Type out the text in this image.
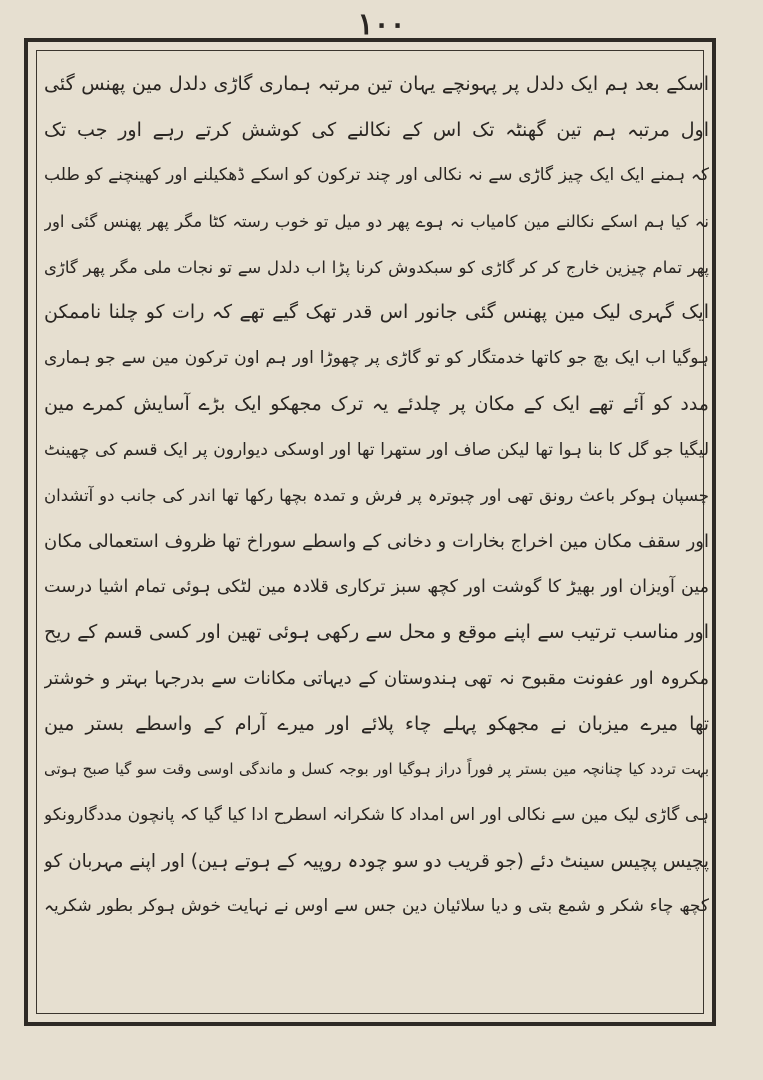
۱۰۰
اسکے بعد ہم ایک دلدل پر پہونچے یہان تین مرتبہ ہماری گاڑی دلدل مین پھنس گئی
اول مرتبہ ہم تین گھنٹہ تک اس کے نکالنے کی کوشش کرتے رہے اور جب تک
کہ ہمنے ایک ایک چیز گاڑی سے نہ نکالی اور چند ترکون کو اسکے ڈھکیلنے اور کھینچنے کو طلب
نہ کیا ہم اسکے نکالنے مین کامیاب نہ ہوے پھر دو میل تو خوب رستہ کٹا مگر پھر پھنس گئی اور
پھر تمام چیزین خارج کر کر گاڑی کو سبکدوش کرنا پڑا اب دلدل سے تو نجات ملی مگر پھر گاڑی
ایک گہری لیک مین پھنس گئی جانور اس قدر تھک گیے تھے کہ رات کو چلنا ناممکن
ہوگیا اب ایک بچ جو کاتھا خدمتگار کو تو گاڑی پر چھوڑا اور ہم اون ترکون مین سے جو ہماری
مدد کو آئے تھے ایک کے مکان پر چلدئے یہ ترک مجھکو ایک بڑے آسایش کمرے مین
لیگیا جو گل کا بنا ہوا تھا لیکن صاف اور ستھرا تھا اور اوسکی دیوارون پر ایک قسم کی چھینٹ
چسپان ہوکر باعث رونق تھی اور چبوترہ پر فرش و تمدہ بچھا رکھا تھا اندر کی جانب دو آتشدان
اور سقف مکان مین اخراج بخارات و دخانی کے واسطے سوراخ تھا ظروف استعمالی مکان
مین آویزان اور بھیڑ کا گوشت اور کچھ سبز ترکاری قلادہ مین لٹکی ہوئی تمام اشیا درست
اور مناسب ترتیب سے اپنے موقع و محل سے رکھی ہوئی تھین اور کسی قسم کے ریح
مکروہ اور عفونت مقبوح نہ تھی ہندوستان کے دیہاتی مکانات سے بدرجہا بہتر و خوشتر
تھا میرے میزبان نے مجھکو پہلے چاء پلائے اور میرے آرام کے واسطے بستر مین
بہت تردد کیا چنانچہ مین بستر پر فوراً دراز ہوگیا اور بوجہ کسل و ماندگی اوسی وقت سو گیا صبح ہوتی
ہی گاڑی لیک مین سے نکالی اور اس امداد کا شکرانہ اسطرح ادا کیا گیا کہ پانچون مددگارونکو
پچیس پچیس سینٹ دئے (جو قریب دو سو چودہ روپیہ کے ہوتے ہین) اور اپنے مہربان کو
کچھ چاء شکر و شمع بتی و دیا سلائیان دین جس سے اوس نے نہایت خوش ہوکر بطور شکریہ
